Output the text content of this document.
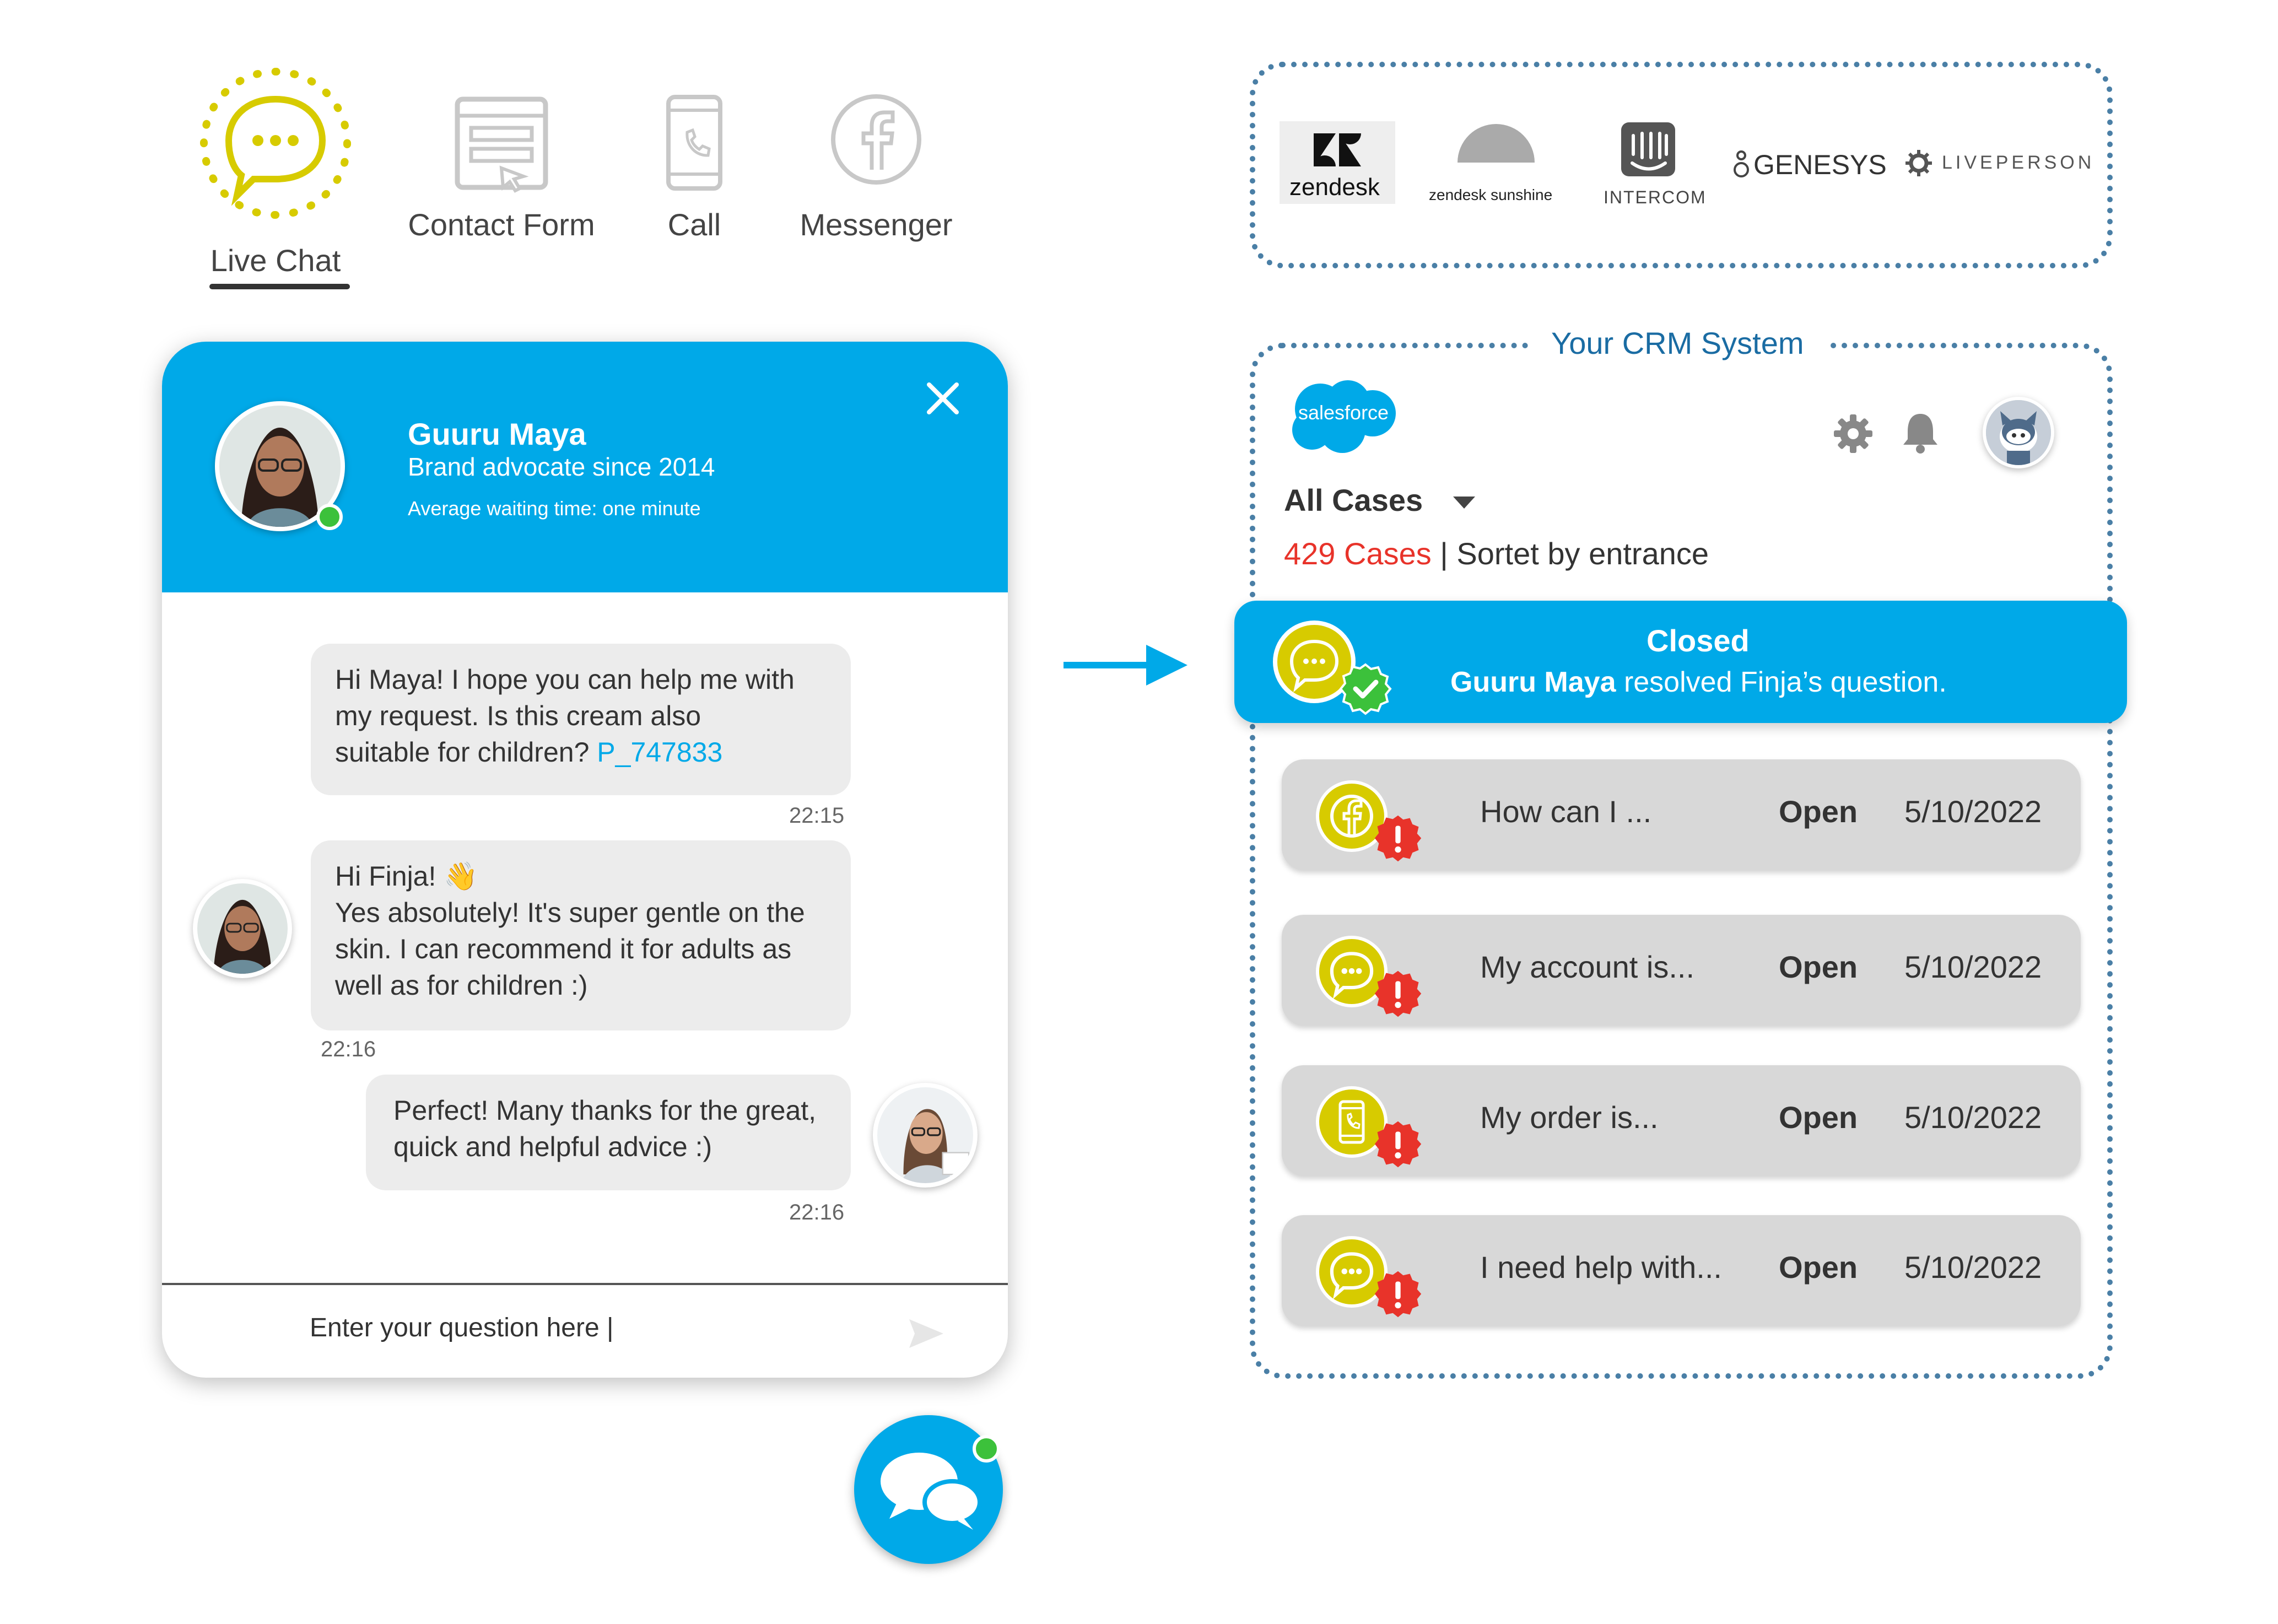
Live Chat
Contact Form	Call	Messenger
Guuru Maya
Brand advocate since 2014
Average waiting time: one minute
Hi Maya! I hope you can help me with
my request. Is this cream also
suitable for children? P_747833
22:15
Hi Finja! 👋
Yes absolutely! It's super gentle on the
skin. I can recommend it for adults as
well as for children :)
22:16
Perfect! Many thanks for the great,
quick and helpful advice :)
22:16
Enter your question here |
zendesk	zendesk sunshine	INTERCOM
GENESYS	LIVEPERSON
Your CRM System
salesforce
All Cases
429 Cases | Sortet by entrance
Closed
Guuru Maya resolved Finja’s question.
How can I ...	Open 5/10/2022
My account is...	Open 5/10/2022
My order is...	Open 5/10/2022
I need help with... Open 5/10/2022
